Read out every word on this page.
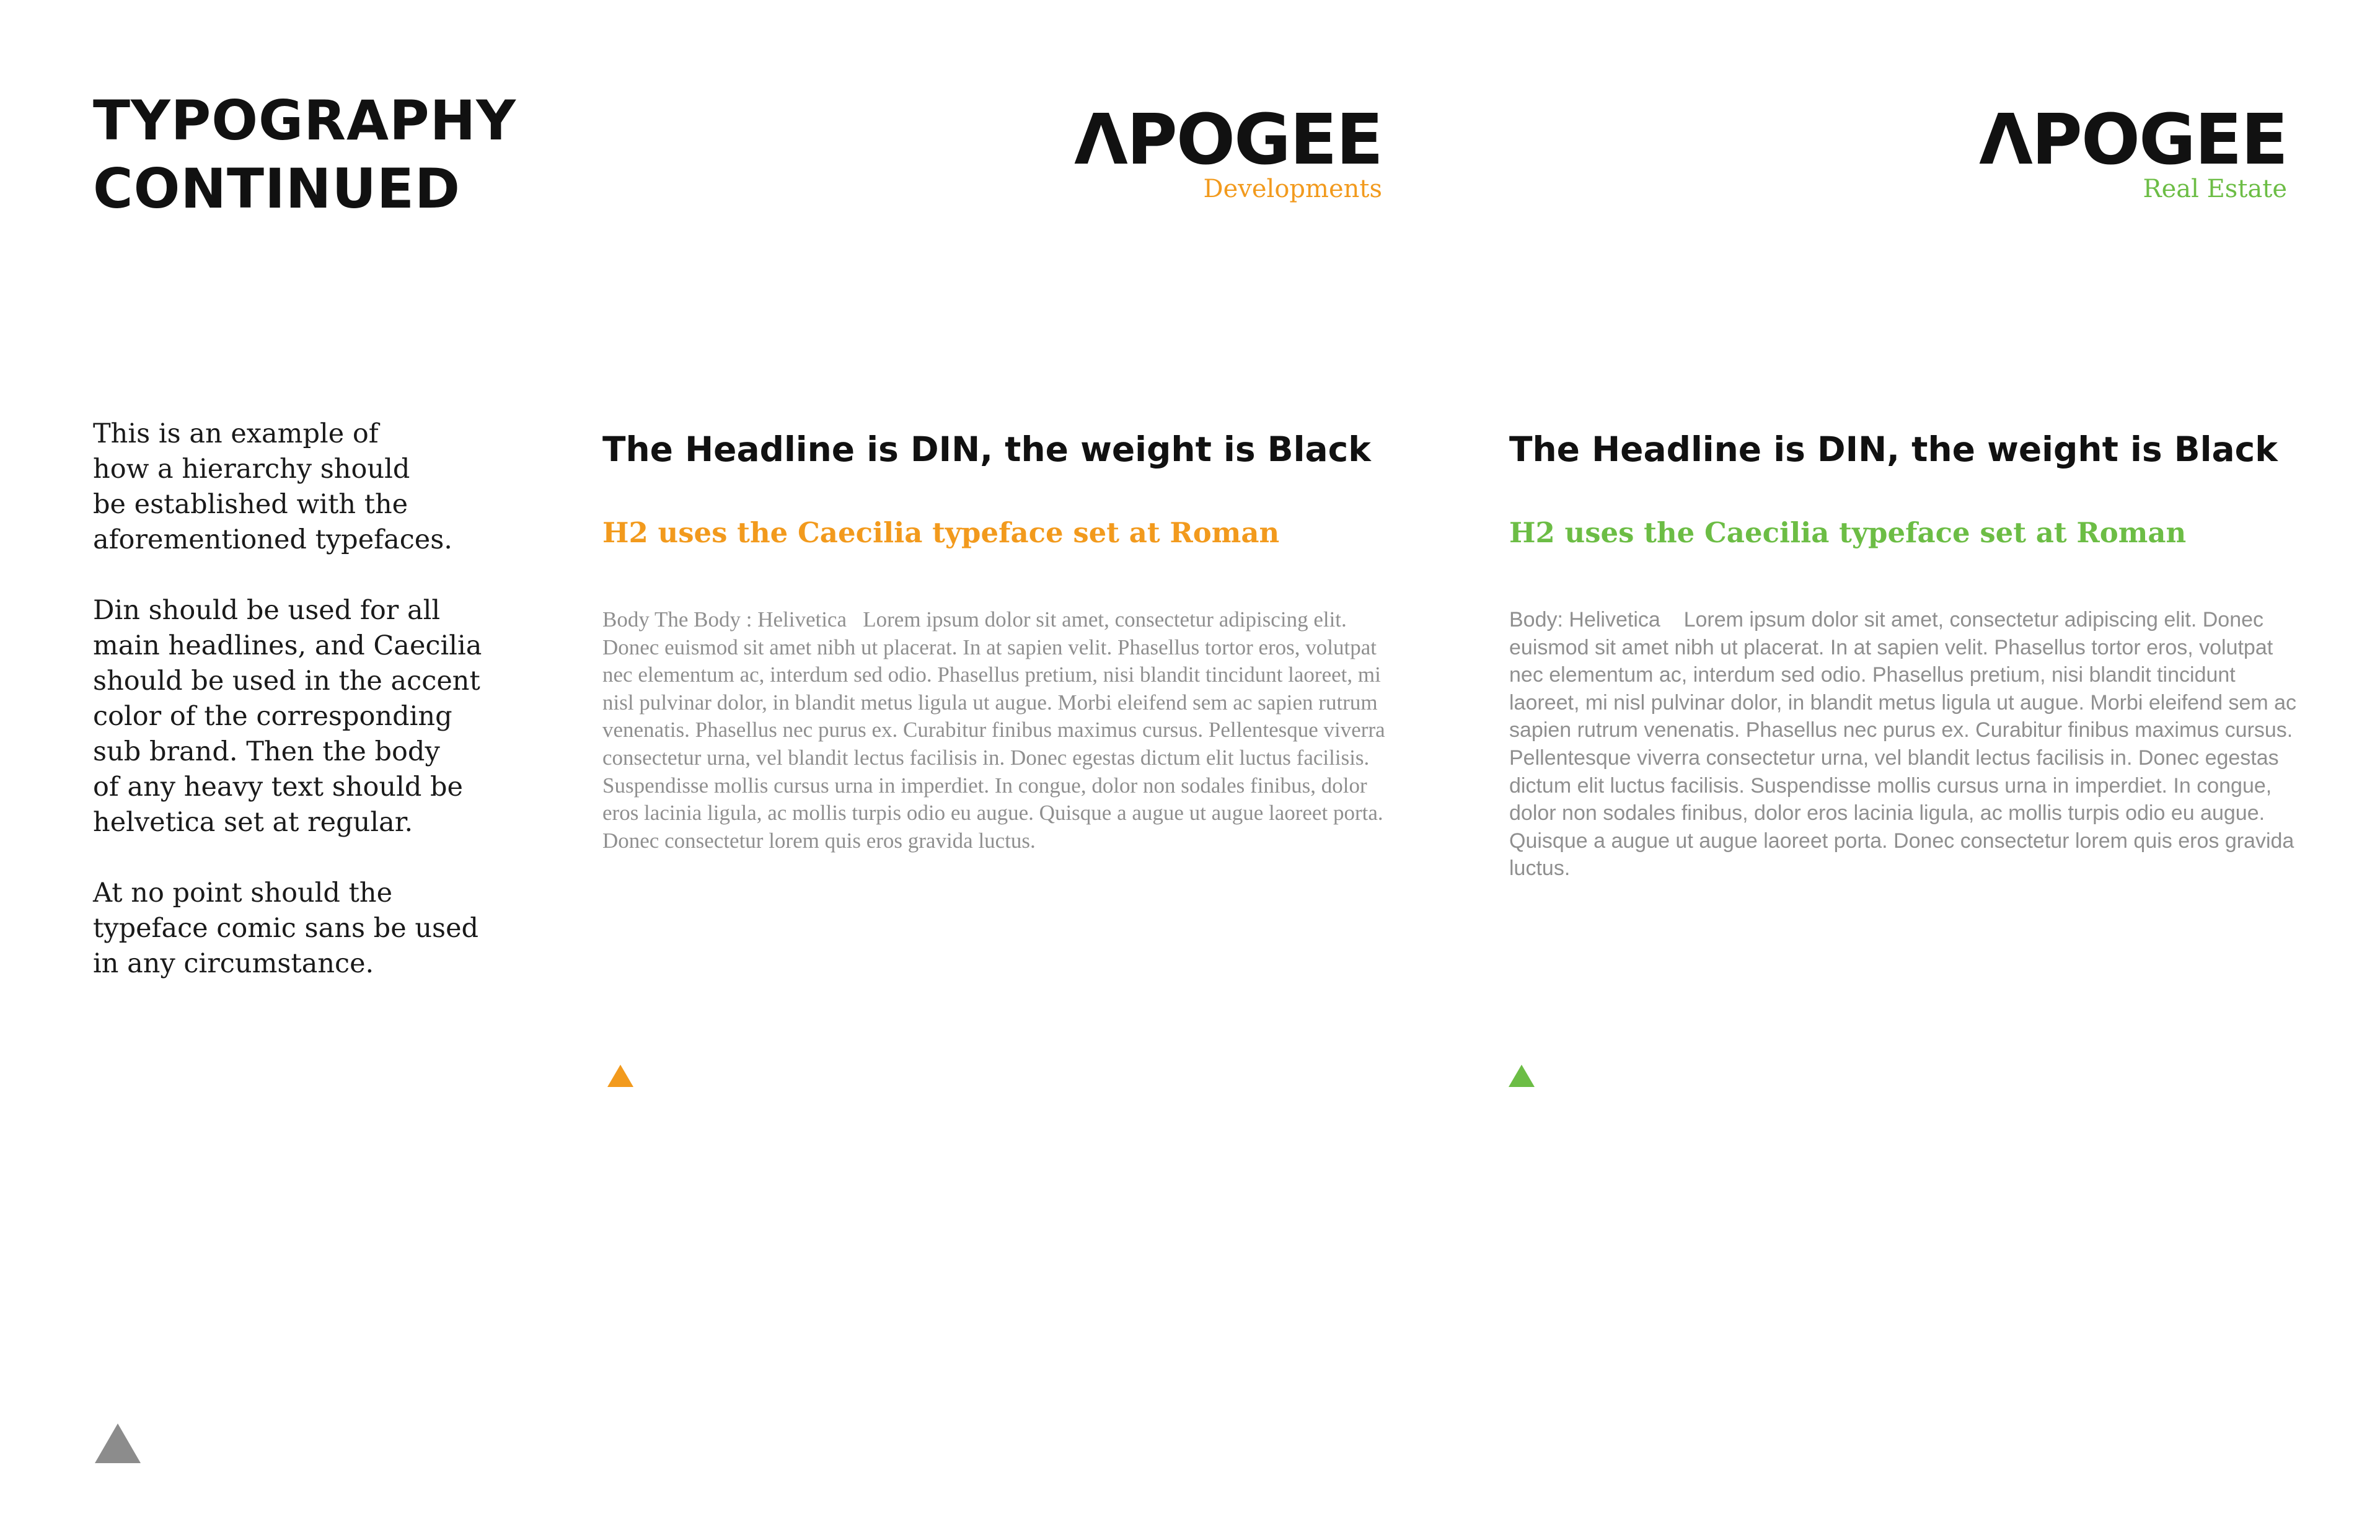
TYPOGRAPHY
CONTINUED
ΛPOGEE
Developments
ΛPOGEE
Real Estate

This is an example of
how a hierarchy should
be established with the
aforementioned typefaces.

Din should be used for all
main headlines, and Caecilia
should be used in the accent
color of the corresponding
sub brand. Then the body
of any heavy text should be
helvetica set at regular.

At no point should the
typeface comic sans be used
in any circumstance.

The Headline is DIN, the weight is Black
H2 uses the Caecilia typeface set at Roman

Body The Body : Helivetica Lorem ipsum dolor sit amet, consectetur adipiscing elit. Donec euismod sit amet nibh ut placerat. In at sapien velit. Phasellus tortor eros, volutpat nec elementum ac, interdum sed odio. Phasellus pretium, nisi blandit tincidunt laoreet, mi nisl pulvinar dolor, in blandit metus ligula ut augue. Morbi eleifend sem ac sapien rutrum venenatis. Phasellus nec purus ex. Curabitur finibus maximus cursus. Pellentesque viverra consectetur urna, vel blandit lectus facilisis in. Donec egestas dictum elit luctus facilisis. Suspendisse mollis cursus urna in imperdiet. In congue, dolor non sodales finibus, dolor eros lacinia ligula, ac mollis turpis odio eu augue. Quisque a augue ut augue laoreet porta. Donec consectetur lorem quis eros gravida luctus.

The Headline is DIN, the weight is Black
H2 uses the Caecilia typeface set at Roman

Body: Helivetica Lorem ipsum dolor sit amet, consectetur adipiscing elit. Donec euismod sit amet nibh ut placerat. In at sapien velit. Phasellus tortor eros, volutpat nec elementum ac, interdum sed odio. Phasellus pretium, nisi blandit tincidunt laoreet, mi nisl pulvinar dolor, in blandit metus ligula ut augue. Morbi eleifend sem ac sapien rutrum venenatis. Phasellus nec purus ex. Curabitur finibus maximus cursus. Pellentesque viverra consectetur urna, vel blandit lectus facilisis in. Donec egestas dictum elit luctus facilisis. Suspendisse mollis cursus urna in imperdiet. In congue, dolor non sodales finibus, dolor eros lacinia ligula, ac mollis turpis odio eu augue. Quisque a augue ut augue laoreet porta. Donec consectetur lorem quis eros gravida luctus.
